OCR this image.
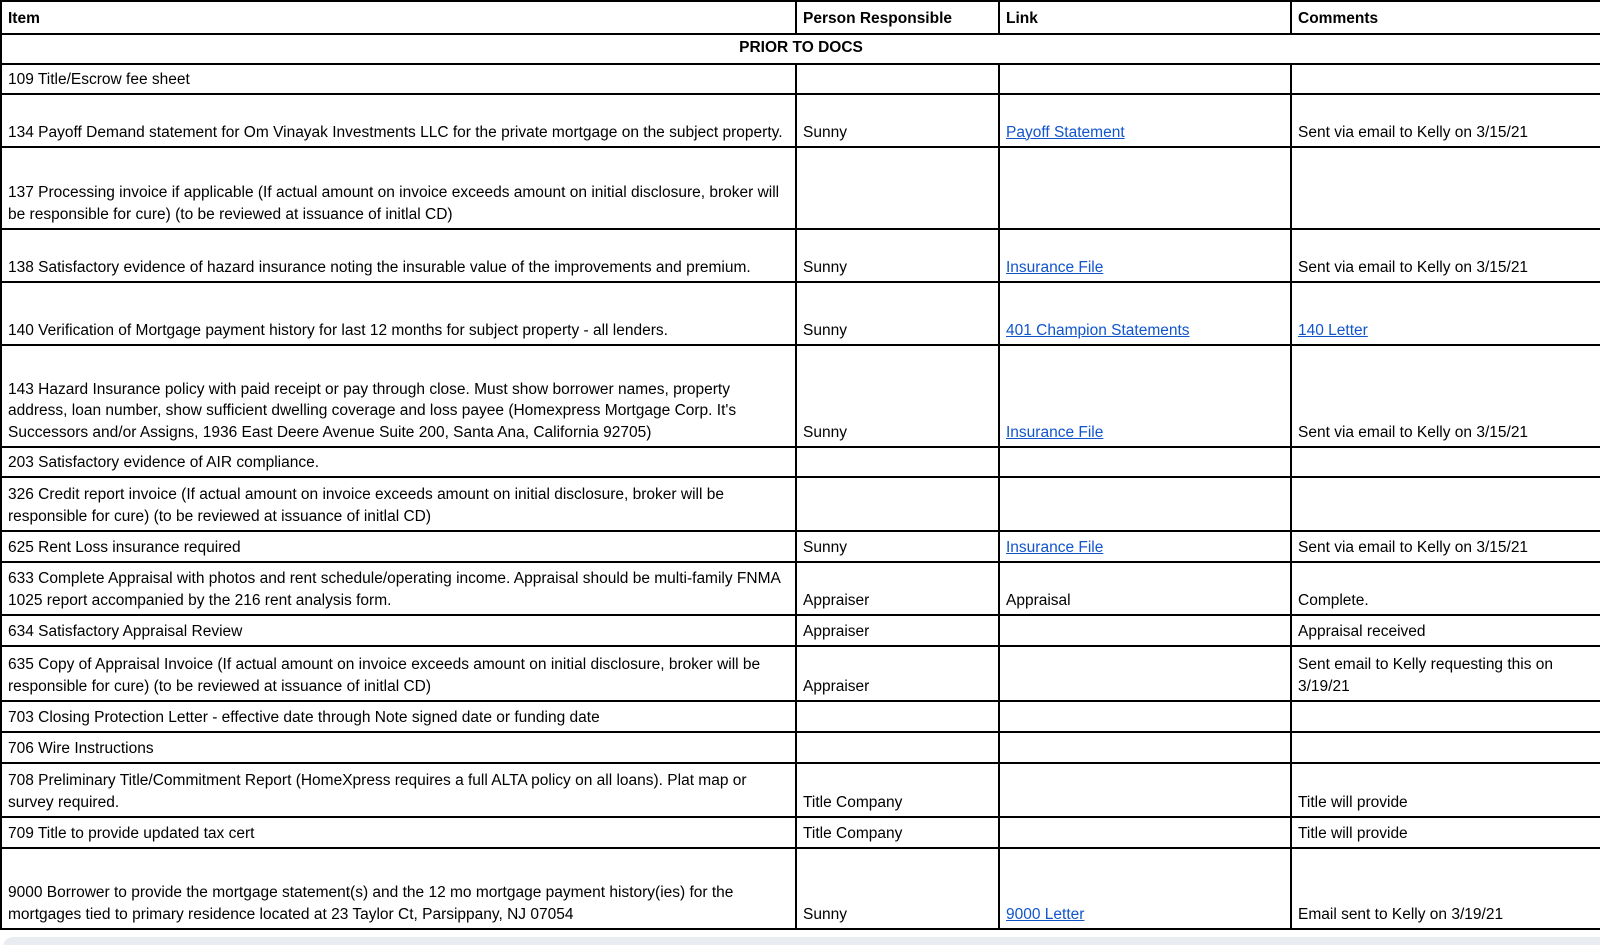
Item	Person Responsible	Link	Comments
PRIOR TO DOCS			
109 Title/Escrow fee sheet			
134 Payoff Demand statement for Om Vinayak Investments LLC for the private mortgage on the subject property.	Sunny	Payoff Statement	Sent via email to Kelly on 3/15/21
137 Processing invoice if applicable (If actual amount on invoice exceeds amount on initial disclosure, broker will be responsible for cure) (to be reviewed at issuance of initlal CD)			
138 Satisfactory evidence of hazard insurance noting the insurable value of the improvements and premium.	Sunny	Insurance File	Sent via email to Kelly on 3/15/21
140 Verification of Mortgage payment history for last 12 months for subject property - all lenders.	Sunny	401 Champion Statements	140 Letter
143 Hazard Insurance policy with paid receipt or pay through close. Must show borrower names, property address, loan number, show sufficient dwelling coverage and loss payee (Homexpress Mortgage Corp. It's Successors and/or Assigns, 1936 East Deere Avenue Suite 200, Santa Ana, California 92705)	Sunny	Insurance File	Sent via email to Kelly on 3/15/21
203 Satisfactory evidence of AIR compliance.			
326 Credit report invoice (If actual amount on invoice exceeds amount on initial disclosure, broker will be responsible for cure) (to be reviewed at issuance of initlal CD)			
625 Rent Loss insurance required	Sunny	Insurance File	Sent via email to Kelly on 3/15/21
633 Complete Appraisal with photos and rent schedule/operating income. Appraisal should be multi-family FNMA 1025 report accompanied by the 216 rent analysis form.	Appraiser	Appraisal	Complete.
634 Satisfactory Appraisal Review	Appraiser		Appraisal received
635 Copy of Appraisal Invoice (If actual amount on invoice exceeds amount on initial disclosure, broker will be responsible for cure) (to be reviewed at issuance of initlal CD)	Appraiser		Sent email to Kelly requesting this on 3/19/21
703 Closing Protection Letter - effective date through Note signed date or funding date			
706 Wire Instructions			
708 Preliminary Title/Commitment Report (HomeXpress requires a full ALTA policy on all loans). Plat map or survey required.	Title Company		Title will provide
709 Title to provide updated tax cert	Title Company		Title will provide
9000 Borrower to provide the mortgage statement(s) and the 12 mo mortgage payment history(ies) for the mortgages tied to primary residence located at 23 Taylor Ct, Parsippany, NJ 07054	Sunny	9000 Letter	Email sent to Kelly on 3/19/21
